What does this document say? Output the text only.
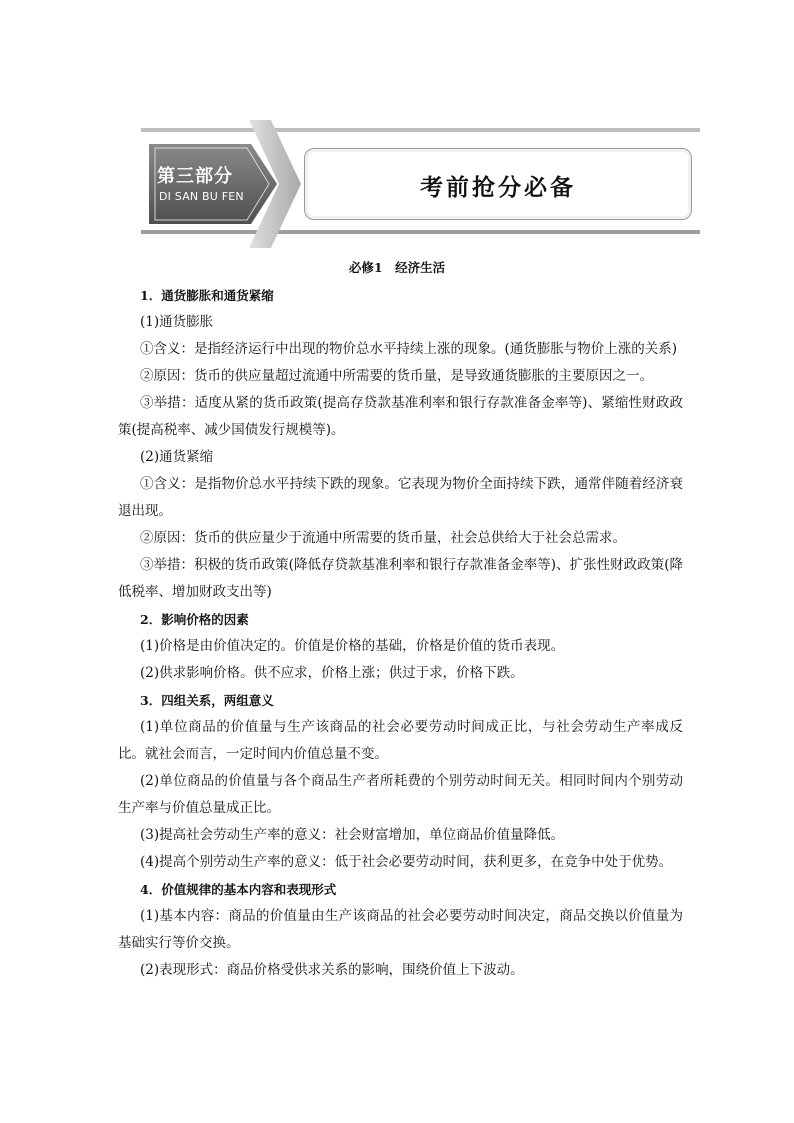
第三部分
DI SAN BU FEN	考前抢分必备
必修1　经济生活

1．通货膨胀和通货紧缩

(1)通货膨胀

①含义：是指经济运行中出现的物价总水平持续上涨的现象。(通货膨胀与物价上涨的关系)

②原因：货币的供应量超过流通中所需要的货币量，是导致通货膨胀的主要原因之一。

③举措：适度从紧的货币政策(提高存贷款基准利率和银行存款准备金率等)、紧缩性财政政策(提高税率、减少国债发行规模等)。

(2)通货紧缩

①含义：是指物价总水平持续下跌的现象。它表现为物价全面持续下跌，通常伴随着经济衰退出现。

②原因：货币的供应量少于流通中所需要的货币量，社会总供给大于社会总需求。

③举措：积极的货币政策(降低存贷款基准利率和银行存款准备金率等)、扩张性财政政策(降低税率、增加财政支出等)

2．影响价格的因素

(1)价格是由价值决定的。价值是价格的基础，价格是价值的货币表现。

(2)供求影响价格。供不应求，价格上涨；供过于求，价格下跌。

3．四组关系，两组意义

(1)单位商品的价值量与生产该商品的社会必要劳动时间成正比，与社会劳动生产率成反比。就社会而言，一定时间内价值总量不变。

(2)单位商品的价值量与各个商品生产者所耗费的个别劳动时间无关。相同时间内个别劳动生产率与价值总量成正比。

(3)提高社会劳动生产率的意义：社会财富增加，单位商品价值量降低。

(4)提高个别劳动生产率的意义：低于社会必要劳动时间，获利更多，在竞争中处于优势。

4．价值规律的基本内容和表现形式

(1)基本内容：商品的价值量由生产该商品的社会必要劳动时间决定，商品交换以价值量为基础实行等价交换。

(2)表现形式：商品价格受供求关系的影响，围绕价值上下波动。
